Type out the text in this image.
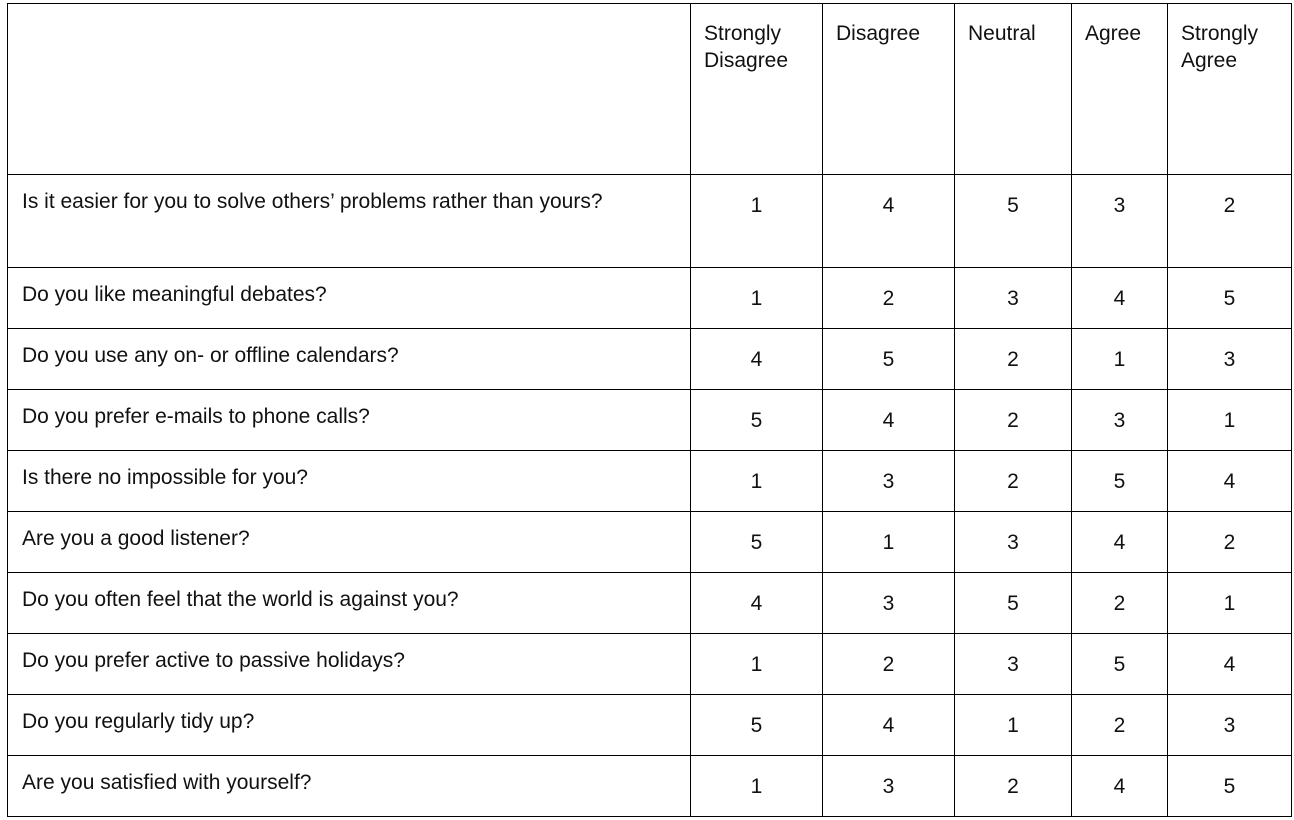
	Strongly Disagree	Disagree	Neutral	Agree	Strongly Agree

Is it easier for you to solve others’ problems rather than yours?	1	4	5	3	2

Do you like meaningful debates?	1	2	3	4	5

Do you use any on- or offline calendars?	4	5	2	1	3

Do you prefer e-mails to phone calls?	5	4	2	3	1

Is there no impossible for you?	1	3	2	5	4

Are you a good listener?	5	1	3	4	2

Do you often feel that the world is against you?	4	3	5	2	1

Do you prefer active to passive holidays?	1	2	3	5	4

Do you regularly tidy up?	5	4	1	2	3

Are you satisfied with yourself?	1	3	2	4	5
